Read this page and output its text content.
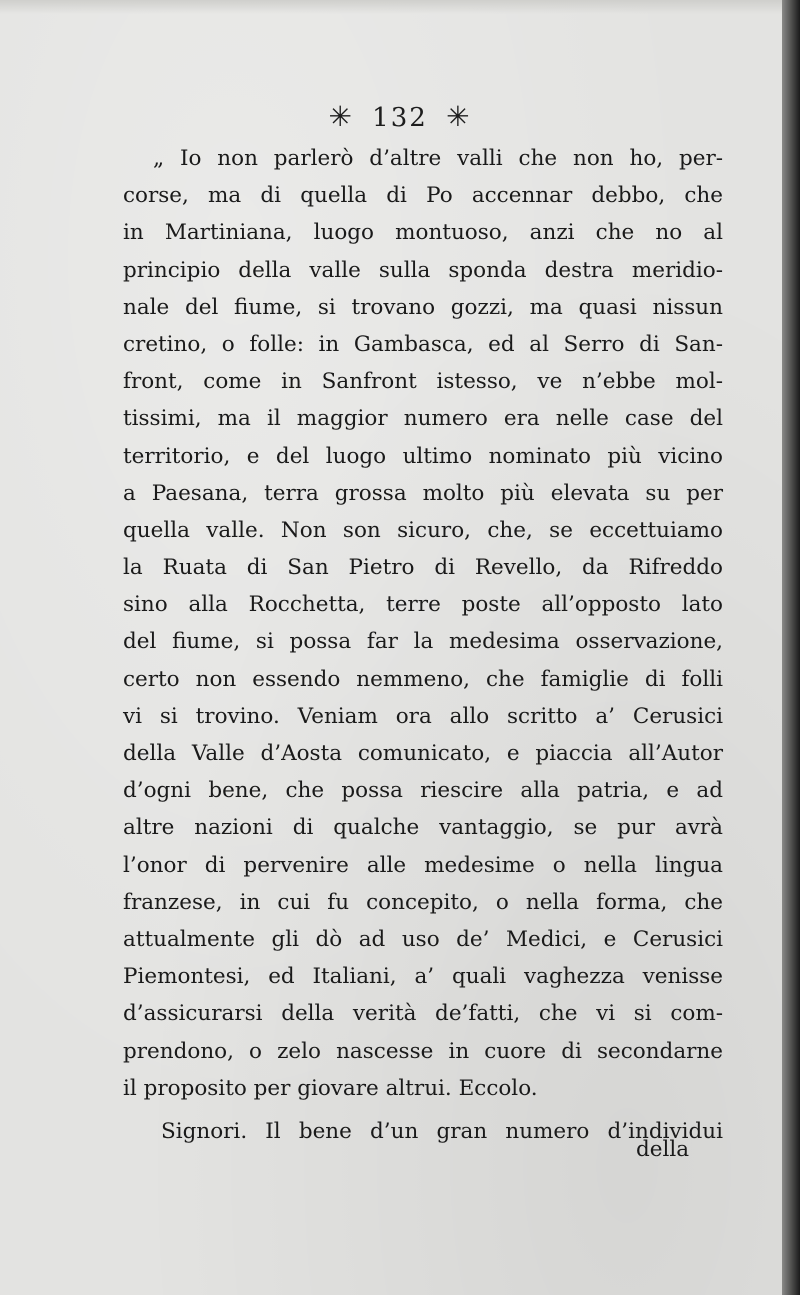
✳ 132 ✳
„ Io non parlerò d’altre valli che non ho, per-
corse, ma di quella di Po accennar debbo, che
in Martiniana, luogo montuoso, anzi che no al
principio della valle sulla sponda destra meridio-
nale del fiume, si trovano gozzi, ma quasi nissun
cretino, o folle: in Gambasca, ed al Serro di San-
front, come in Sanfront istesso, ve n’ebbe mol-
tissimi, ma il maggior numero era nelle case del
territorio, e del luogo ultimo nominato più vicino
a Paesana, terra grossa molto più elevata su per
quella valle. Non son sicuro, che, se eccettuiamo
la Ruata di San Pietro di Revello, da Rifreddo
sino alla Rocchetta, terre poste all’opposto lato
del fiume, si possa far la medesima osservazione,
certo non essendo nemmeno, che famiglie di folli
vi si trovino. Veniam ora allo scritto a’ Cerusici
della Valle d’Aosta comunicato, e piaccia all’Autor
d’ogni bene, che possa riescire alla patria, e ad
altre nazioni di qualche vantaggio, se pur avrà
l’onor di pervenire alle medesime o nella lingua
franzese, in cui fu concepito, o nella forma, che
attualmente gli dò ad uso de’ Medici, e Cerusici
Piemontesi, ed Italiani, a’ quali vaghezza venisse
d’assicurarsi della verità de’fatti, che vi si com-
prendono, o zelo nascesse in cuore di secondarne
il proposito per giovare altrui. Eccolo.
Signori. Il bene d’un gran numero d’individui
della
